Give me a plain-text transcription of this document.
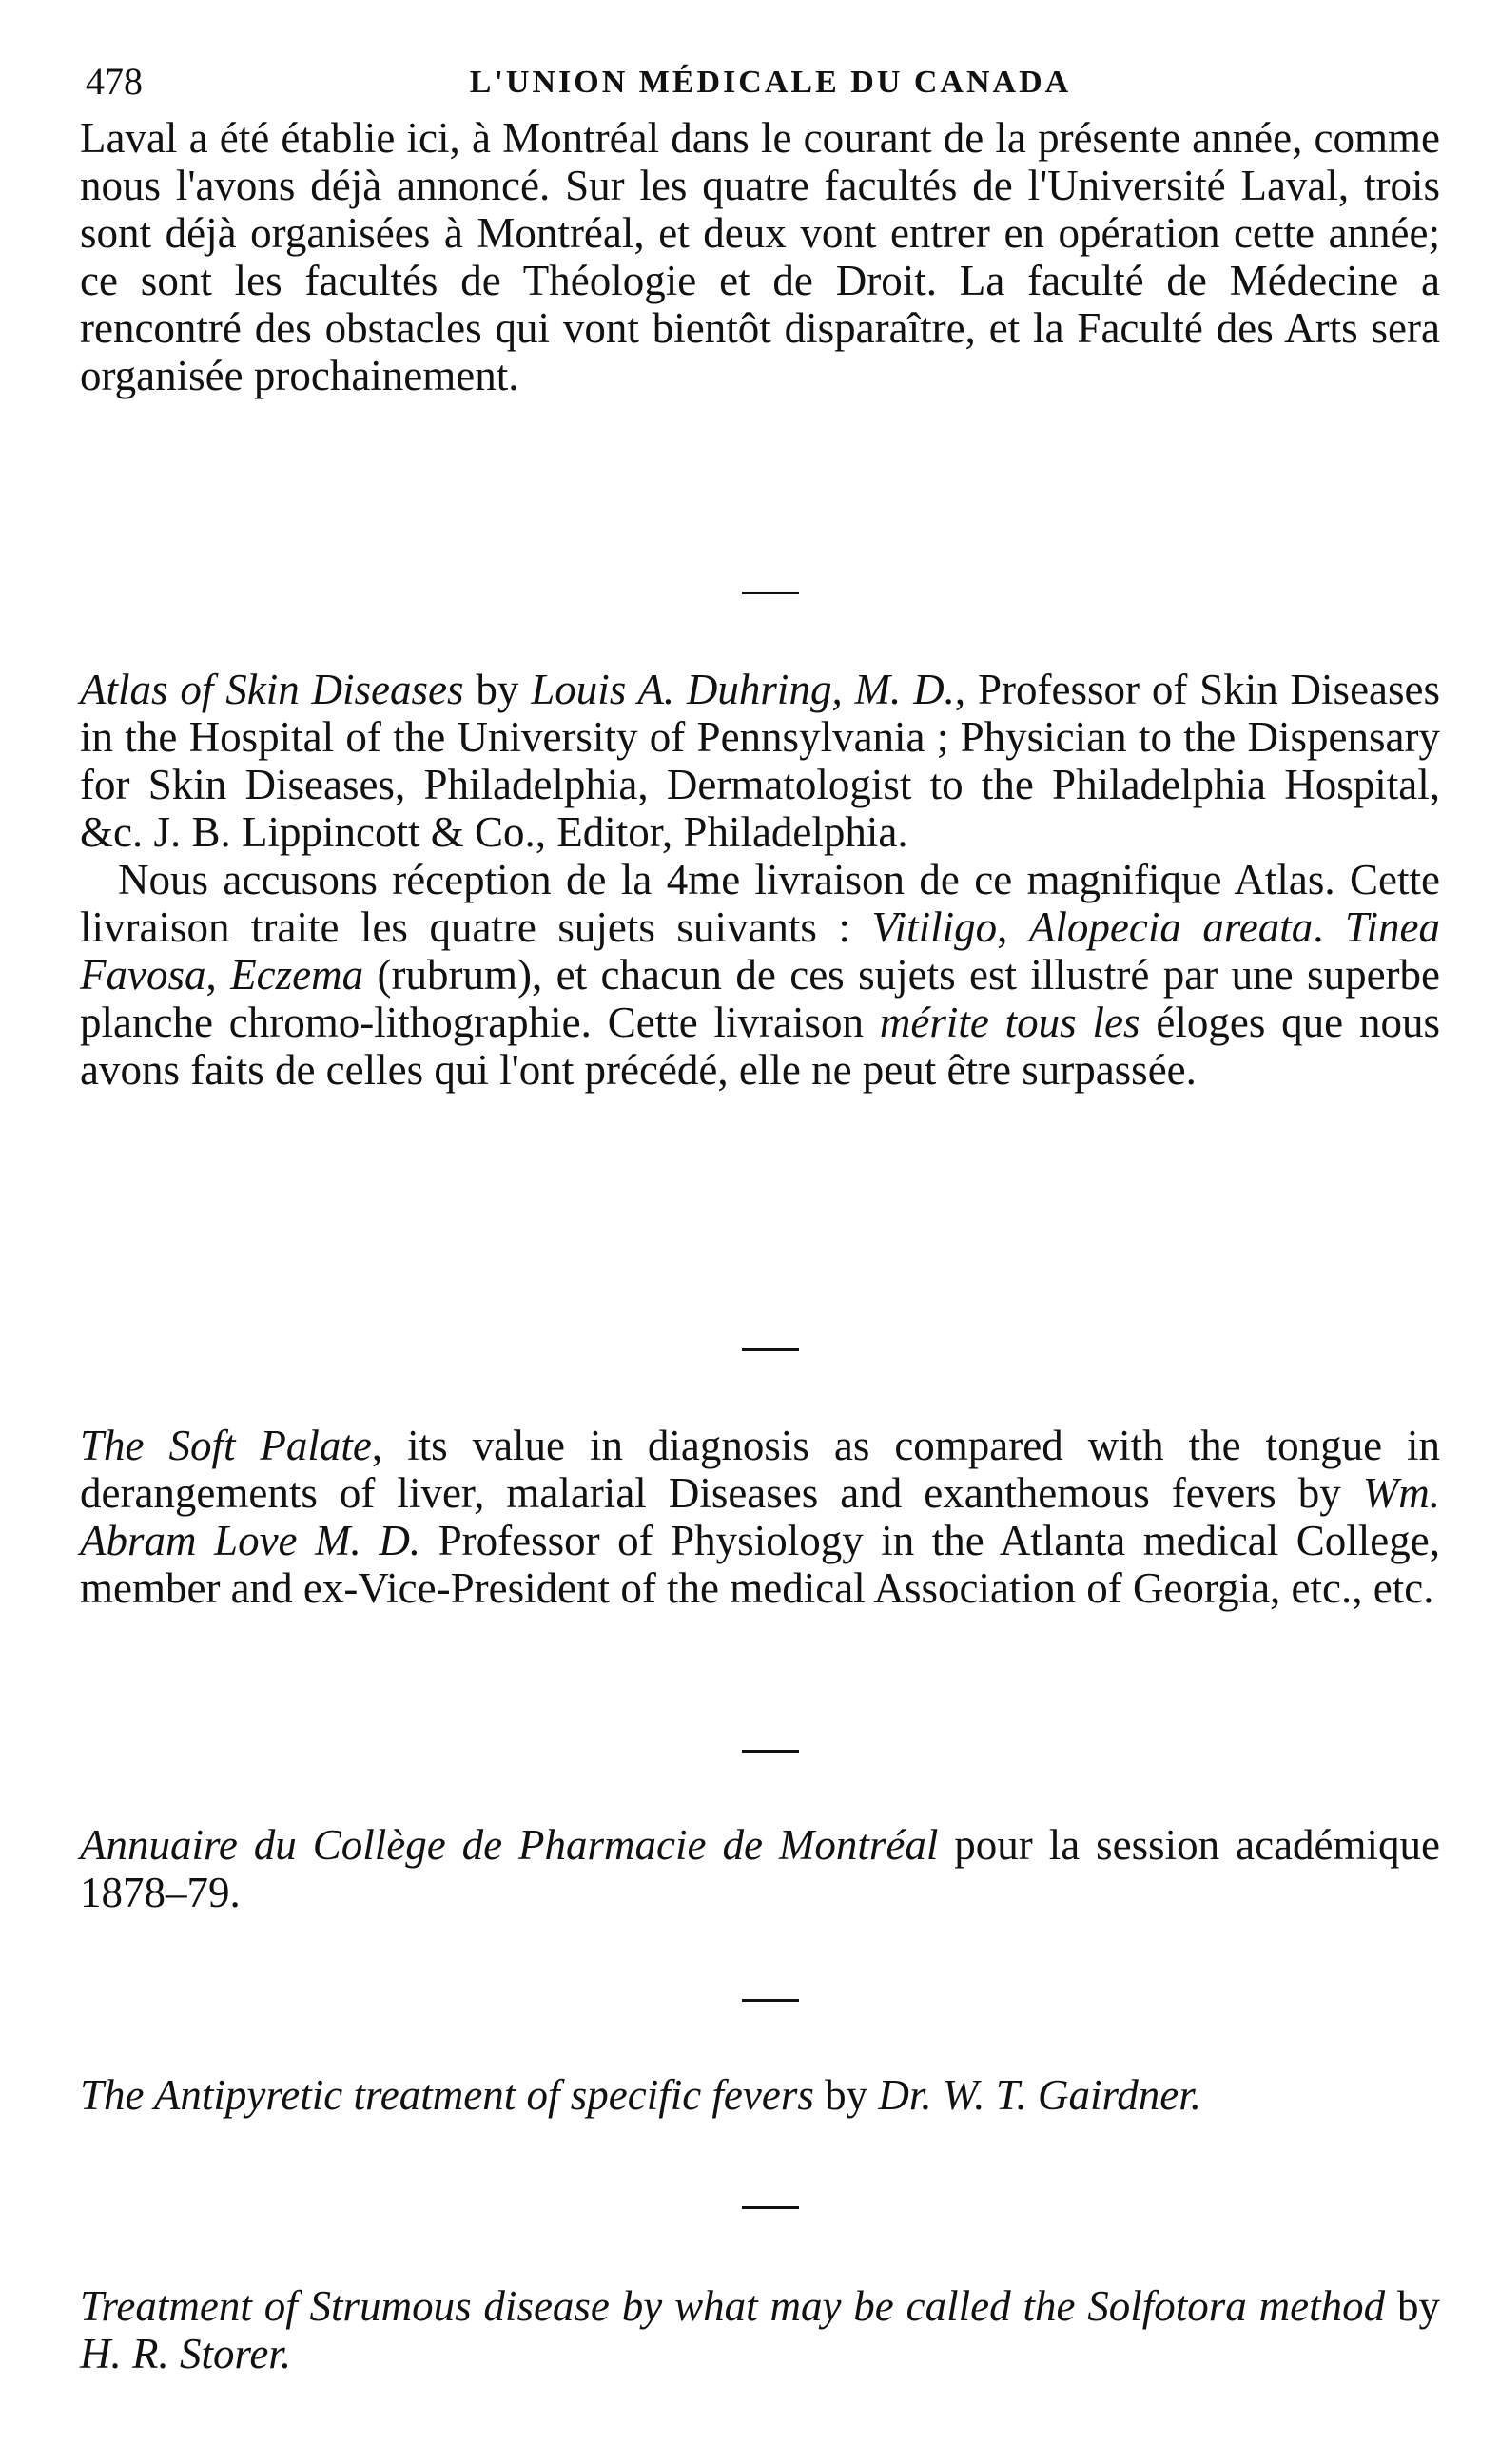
478	L'UNION MÉDICALE DU CANADA

Laval a été établie ici, à Montréal dans le courant de la présente année, comme nous l'avons déjà annoncé. Sur les quatre facultés de l'Université Laval, trois sont déjà organisées à Montréal, et deux vont entrer en opération cette année; ce sont les facultés de Théologie et de Droit. La faculté de Médecine a rencontré des obstacles qui vont bientôt disparaître, et la Faculté des Arts sera organisée prochainement.

Atlas of Skin Diseases by Louis A. Duhring, M. D., Professor of Skin Diseases in the Hospital of the University of Pennsylvania ; Physician to the Dispensary for Skin Diseases, Philadelphia, Dermatologist to the Philadelphia Hospital, &c. J. B. Lippincott & Co., Editor, Philadelphia.
Nous accusons réception de la 4me livraison de ce magnifique Atlas. Cette livraison traite les quatre sujets suivants : Vitiligo, Alopecia areata. Tinea Favosa, Eczema (rubrum), et chacun de ces sujets est illustré par une superbe planche chromo-lithographie. Cette livraison mérite tous les éloges que nous avons faits de celles qui l'ont précédé, elle ne peut être surpassée.

The Soft Palate, its value in diagnosis as compared with the tongue in derangements of liver, malarial Diseases and exanthemous fevers by Wm. Abram Love M. D. Professor of Physiology in the Atlanta medical College, member and ex-Vice-President of the medical Association of Georgia, etc., etc.

Annuaire du Collège de Pharmacie de Montréal pour la session académique 1878–79.

The Antipyretic treatment of specific fevers by Dr. W. T. Gairdner.

Treatment of Strumous disease by what may be called the Solfotora method by H. R. Storer.
